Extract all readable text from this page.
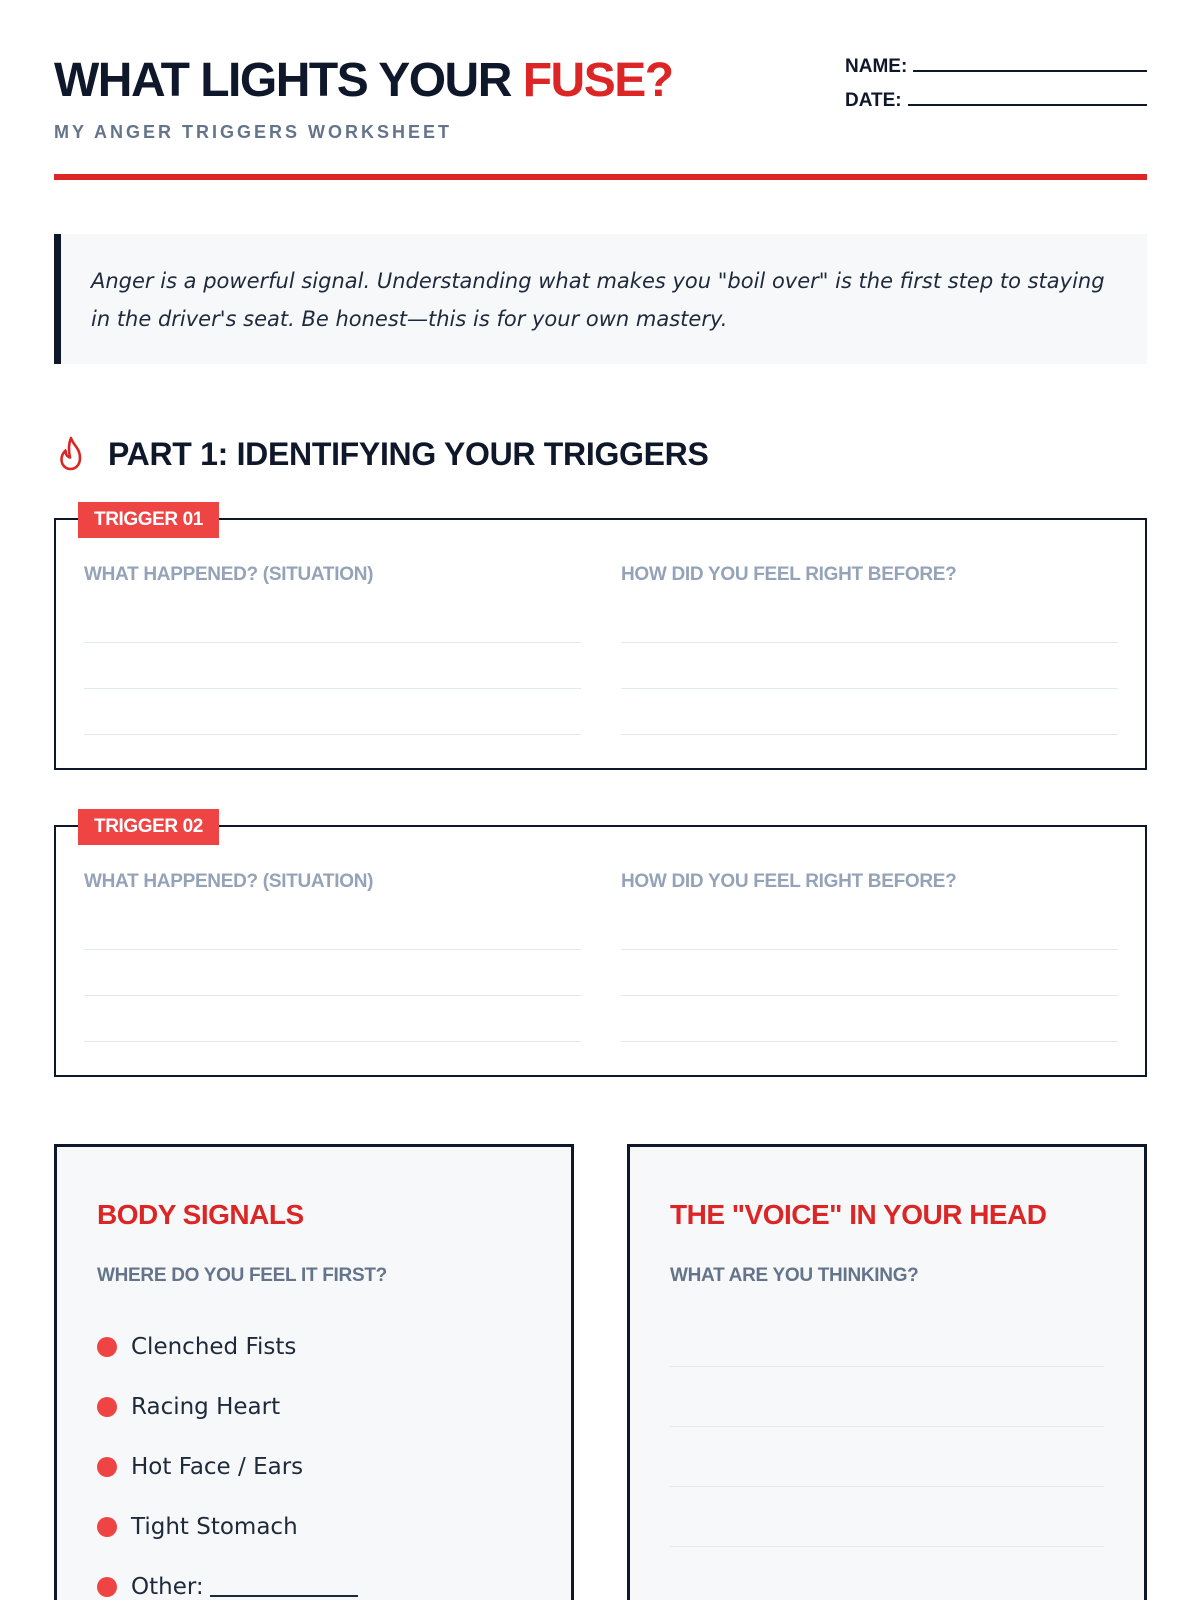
WHAT LIGHTS YOUR FUSE?
MY ANGER TRIGGERS WORKSHEET
NAME:
DATE:

Anger is a powerful signal. Understanding what makes you "boil over" is the first step to staying in the driver's seat. Be honest—this is for your own mastery.

PART 1: IDENTIFYING YOUR TRIGGERS
TRIGGER 01
WHAT HAPPENED? (SITUATION)	HOW DID YOU FEEL RIGHT BEFORE?
TRIGGER 02
WHAT HAPPENED? (SITUATION)	HOW DID YOU FEEL RIGHT BEFORE?
BODY SIGNALS
WHERE DO YOU FEEL IT FIRST?
Clenched Fists
Racing Heart
Hot Face / Ears
Tight Stomach
Other:
THE "VOICE" IN YOUR HEAD
WHAT ARE YOU THINKING?
